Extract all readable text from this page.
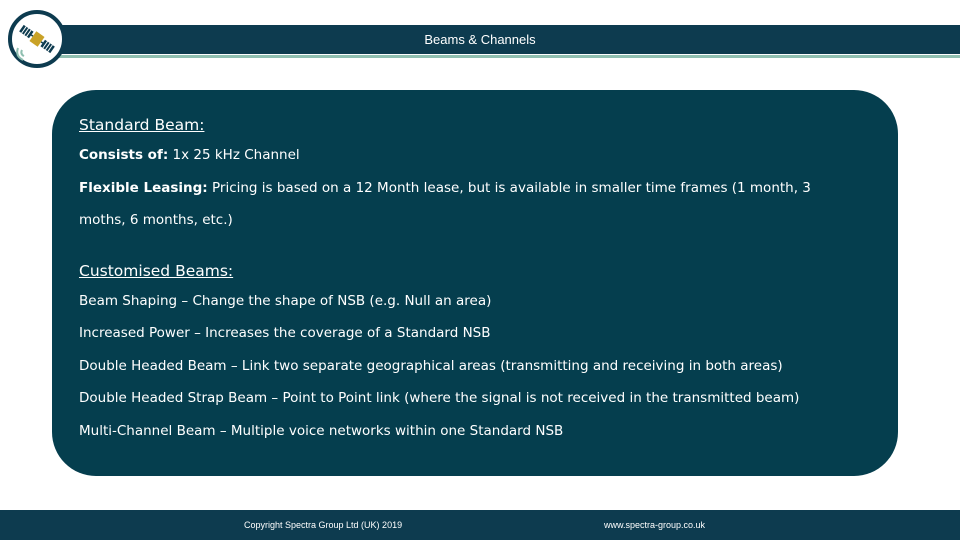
Beams & Channels
Standard Beam:
Consists of: 1x 25 kHz Channel
Flexible Leasing: Pricing is based on a 12 Month lease, but is available in smaller time frames (1 month, 3
moths, 6 months, etc.)
Customised Beams:
Beam Shaping – Change the shape of NSB (e.g. Null an area)
Increased Power – Increases the coverage of a Standard NSB
Double Headed Beam – Link two separate geographical areas (transmitting and receiving in both areas)
Double Headed Strap Beam – Point to Point link (where the signal is not received in the transmitted beam)
Multi-Channel Beam – Multiple voice networks within one Standard NSB
Copyright Spectra Group Ltd (UK) 2019	www.spectra-group.co.uk
